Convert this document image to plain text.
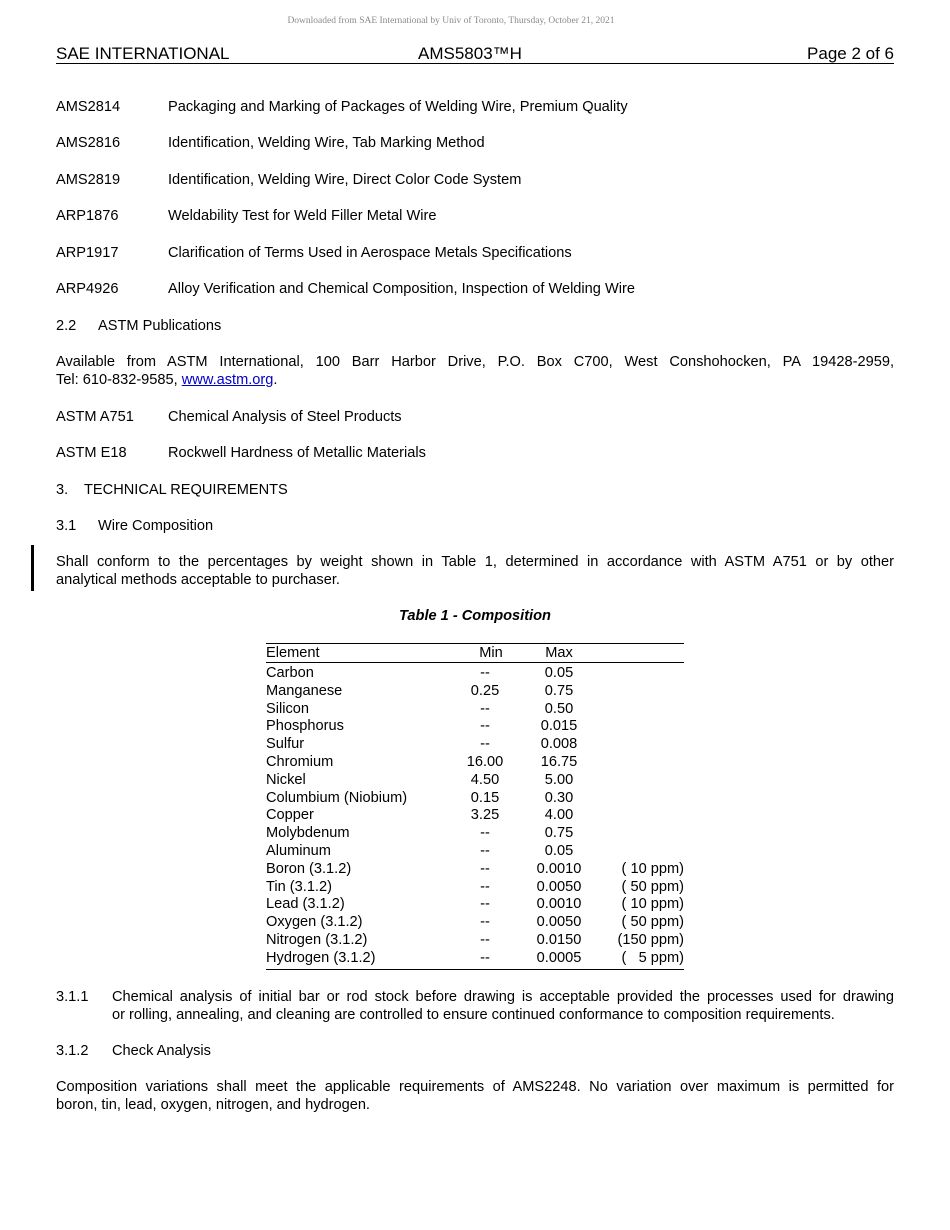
Downloaded from SAE International by Univ of Toronto, Thursday, October 21, 2021
SAE INTERNATIONAL	AMS5803™H	Page 2 of 6
AMS2814	Packaging and Marking of Packages of Welding Wire, Premium Quality
AMS2816	Identification, Welding Wire, Tab Marking Method
AMS2819	Identification, Welding Wire, Direct Color Code System
ARP1876	Weldability Test for Weld Filler Metal Wire
ARP1917	Clarification of Terms Used in Aerospace Metals Specifications
ARP4926	Alloy Verification and Chemical Composition, Inspection of Welding Wire
2.2 ASTM Publications
Available from ASTM International, 100 Barr Harbor Drive, P.O. Box C700, West Conshohocken, PA 19428-2959,
Tel: 610-832-9585, www.astm.org.
ASTM A751 Chemical Analysis of Steel Products
ASTM E18	Rockwell Hardness of Metallic Materials
3. TECHNICAL REQUIREMENTS
3.1 Wire Composition
Shall conform to the percentages by weight shown in Table 1, determined in accordance with ASTM A751 or by other
analytical methods acceptable to purchaser.
Table 1 - Composition
Element	Min	Max
Carbon	--	0.05
Manganese	0.25	0.75
Silicon	--	0.50
Phosphorus	--	0.015
Sulfur	--	0.008
Chromium	16.00	16.75
Nickel	4.50	5.00
Columbium (Niobium)	0.15	0.30
Copper	3.25	4.00
Molybdenum	--	0.75
Aluminum	--	0.05
Boron (3.1.2)	--	0.0010	( 10 ppm)
Tin (3.1.2)	--	0.0050	( 50 ppm)
Lead (3.1.2)	--	0.0010	( 10 ppm)
Oxygen (3.1.2)	--	0.0050	( 50 ppm)
Nitrogen (3.1.2)	--	0.0150	(150 ppm)
Hydrogen (3.1.2)	--	0.0005	(   5 ppm)
3.1.1 Chemical analysis of initial bar or rod stock before drawing is acceptable provided the processes used for drawing
or rolling, annealing, and cleaning are controlled to ensure continued conformance to composition requirements.
3.1.2 Check Analysis
Composition variations shall meet the applicable requirements of AMS2248. No variation over maximum is permitted for
boron, tin, lead, oxygen, nitrogen, and hydrogen.
